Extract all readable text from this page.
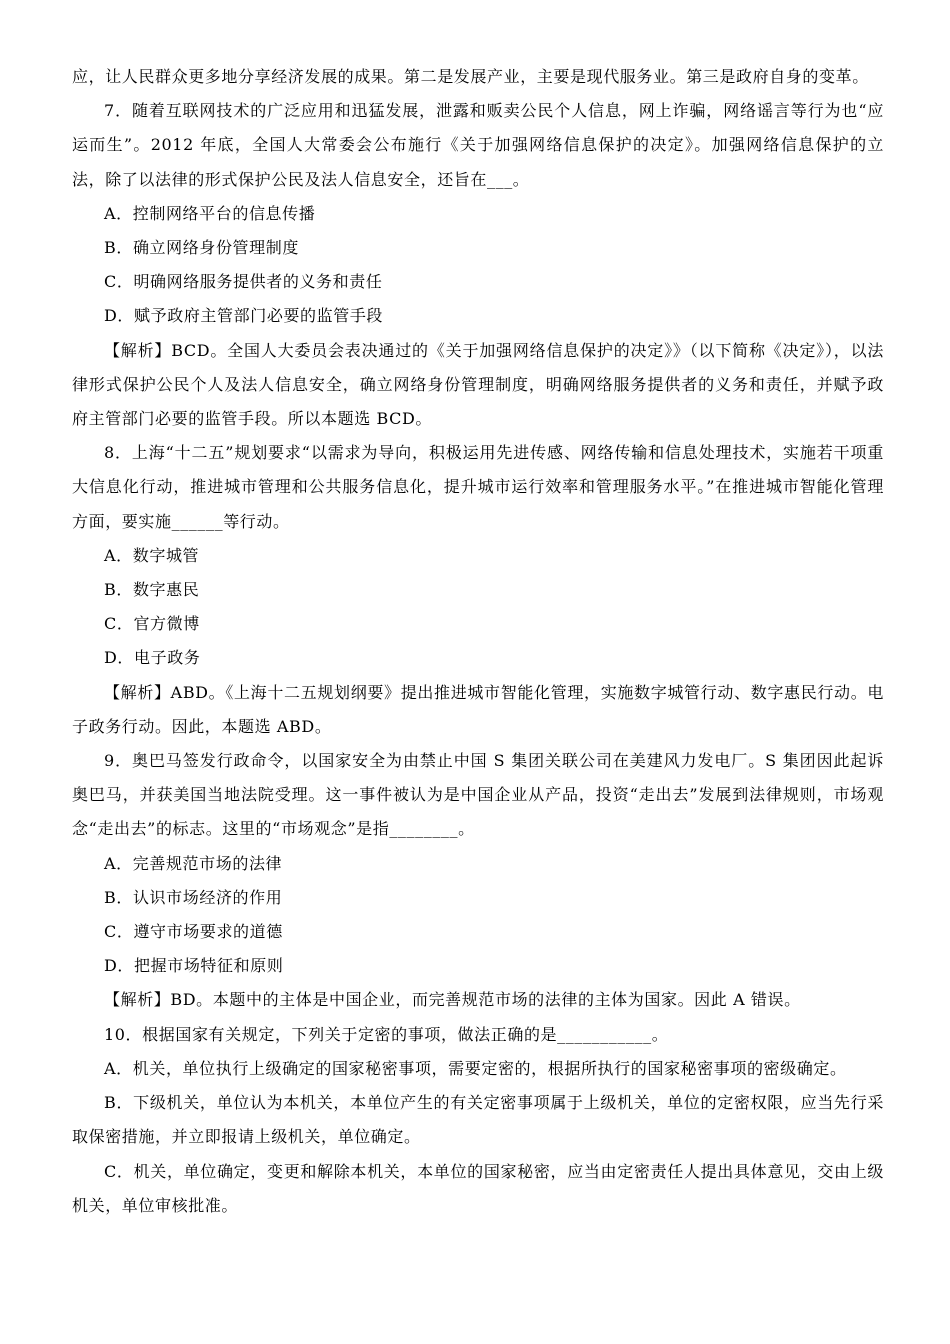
应，让人民群众更多地分享经济发展的成果。第二是发展产业，主要是现代服务业。第三是政府自身的变革。

7．随着互联网技术的广泛应用和迅猛发展，泄露和贩卖公民个人信息，网上诈骗，网络谣言等行为也“应运而生”。2012 年底，全国人大常委会公布施行《关于加强网络信息保护的决定》。加强网络信息保护的立法，除了以法律的形式保护公民及法人信息安全，还旨在___。

A．控制网络平台的信息传播

B．确立网络身份管理制度

C．明确网络服务提供者的义务和责任

D．赋予政府主管部门必要的监管手段

【解析】BCD。全国人大委员会表决通过的《关于加强网络信息保护的决定》》（以下简称《决定》），以法律形式保护公民个人及法人信息安全，确立网络身份管理制度，明确网络服务提供者的义务和责任，并赋予政府主管部门必要的监管手段。所以本题选 BCD。

8．上海“十二五”规划要求“以需求为导向，积极运用先进传感、网络传输和信息处理技术，实施若干项重大信息化行动，推进城市管理和公共服务信息化，提升城市运行效率和管理服务水平。”在推进城市智能化管理方面，要实施______等行动。

A．数字城管

B．数字惠民

C．官方微博

D．电子政务

【解析】ABD。《上海十二五规划纲要》提出推进城市智能化管理，实施数字城管行动、数字惠民行动。电子政务行动。因此，本题选 ABD。

9．奥巴马签发行政命令，以国家安全为由禁止中国 S 集团关联公司在美建风力发电厂。S 集团因此起诉奥巴马，并获美国当地法院受理。这一事件被认为是中国企业从产品，投资“走出去”发展到法律规则，市场观念“走出去”的标志。这里的“市场观念”是指________。

A．完善规范市场的法律

B．认识市场经济的作用

C．遵守市场要求的道德

D．把握市场特征和原则

【解析】BD。本题中的主体是中国企业，而完善规范市场的法律的主体为国家。因此 A 错误。

10．根据国家有关规定，下列关于定密的事项，做法正确的是___________。

A．机关，单位执行上级确定的国家秘密事项，需要定密的，根据所执行的国家秘密事项的密级确定。

B．下级机关，单位认为本机关，本单位产生的有关定密事项属于上级机关，单位的定密权限，应当先行采取保密措施，并立即报请上级机关，单位确定。

C．机关，单位确定，变更和解除本机关，本单位的国家秘密，应当由定密责任人提出具体意见，交由上级机关，单位审核批准。
